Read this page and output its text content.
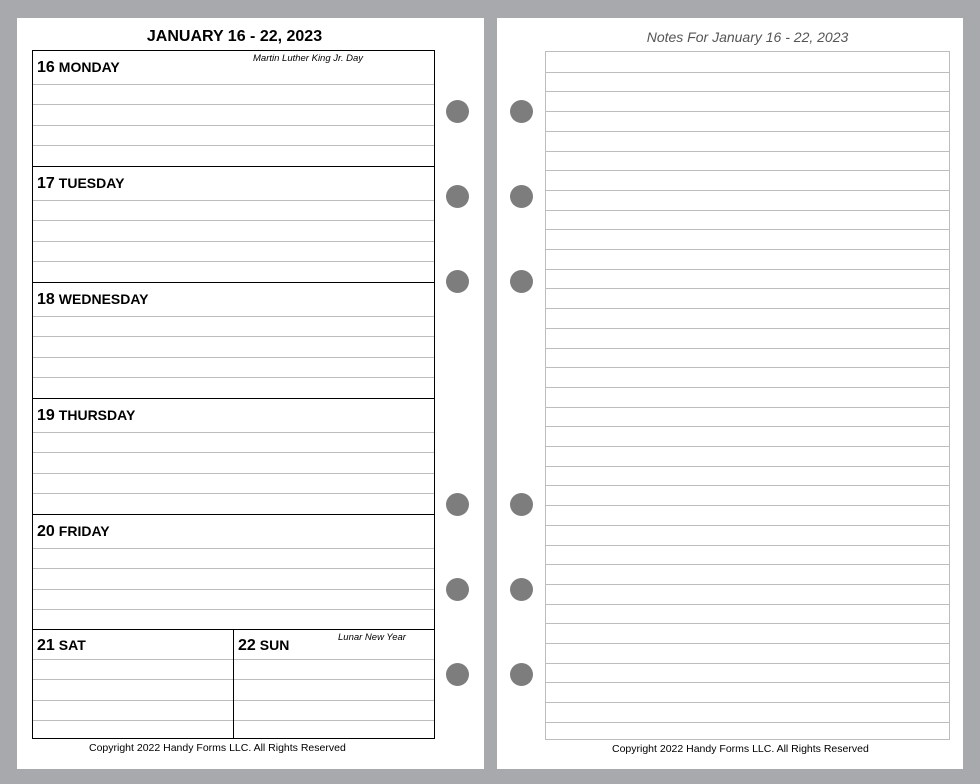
JANUARY 16 - 22, 2023
16 MONDAY
Martin Luther King Jr. Day
17 TUESDAY
18 WEDNESDAY
19 THURSDAY
20 FRIDAY
21 SAT	22 SUN	Lunar New Year
Copyright 2022 Handy Forms LLC. All Rights Reserved
Notes For January 16 - 22, 2023
Copyright 2022 Handy Forms LLC. All Rights Reserved
